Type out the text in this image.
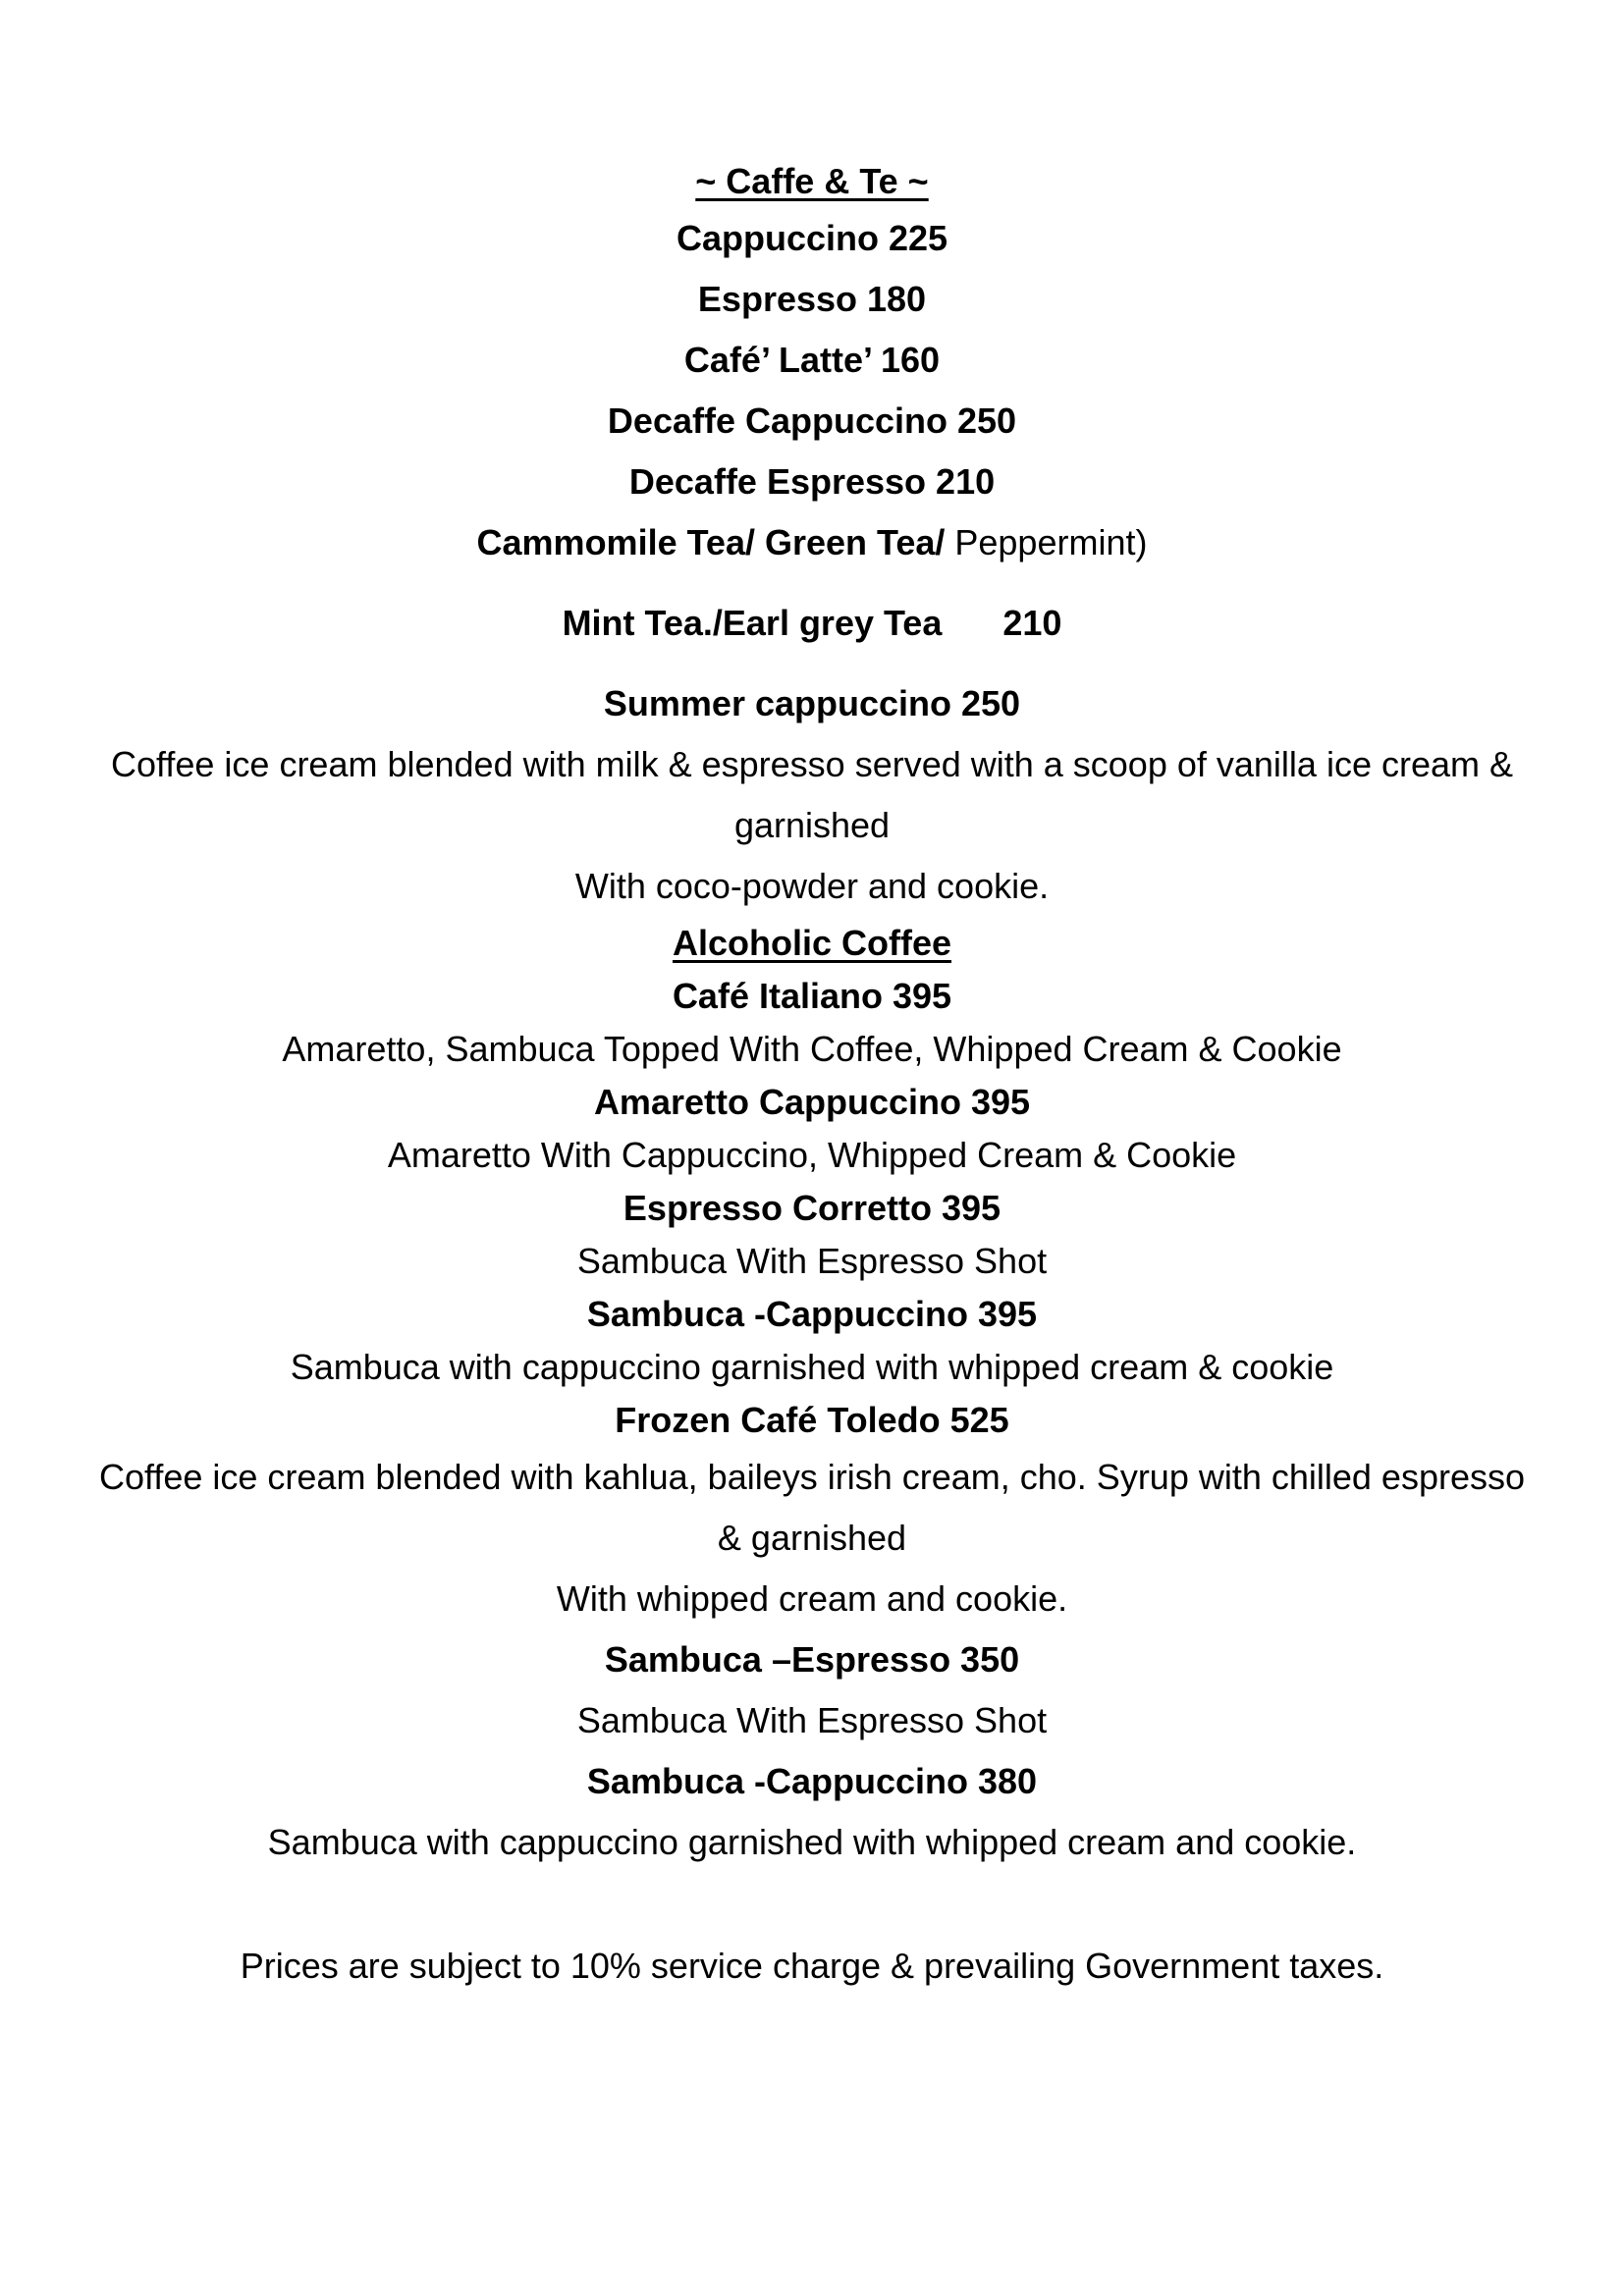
~ Caffe & Te ~

Cappuccino 225

Espresso 180

Café’ Latte’ 160

Decaffe Cappuccino 250

Decaffe Espresso 210

Cammomile Tea/ Green Tea/ Peppermint)

Mint Tea./Earl grey Tea 210

Summer cappuccino 250

Coffee ice cream blended with milk & espresso served with a scoop of vanilla ice cream & garnished

With coco-powder and cookie.

Alcoholic Coffee

Café Italiano 395

Amaretto, Sambuca Topped With Coffee, Whipped Cream & Cookie

Amaretto Cappuccino 395

Amaretto With Cappuccino, Whipped Cream & Cookie

Espresso Corretto 395

Sambuca With Espresso Shot

Sambuca -Cappuccino 395

Sambuca with cappuccino garnished with whipped cream & cookie

Frozen Café Toledo 525

Coffee ice cream blended with kahlua, baileys irish cream, cho. Syrup with chilled espresso & garnished

With whipped cream and cookie.

Sambuca –Espresso 350

Sambuca With Espresso Shot

Sambuca -Cappuccino 380

Sambuca with cappuccino garnished with whipped cream and cookie.

Prices are subject to 10% service charge & prevailing Government taxes.
